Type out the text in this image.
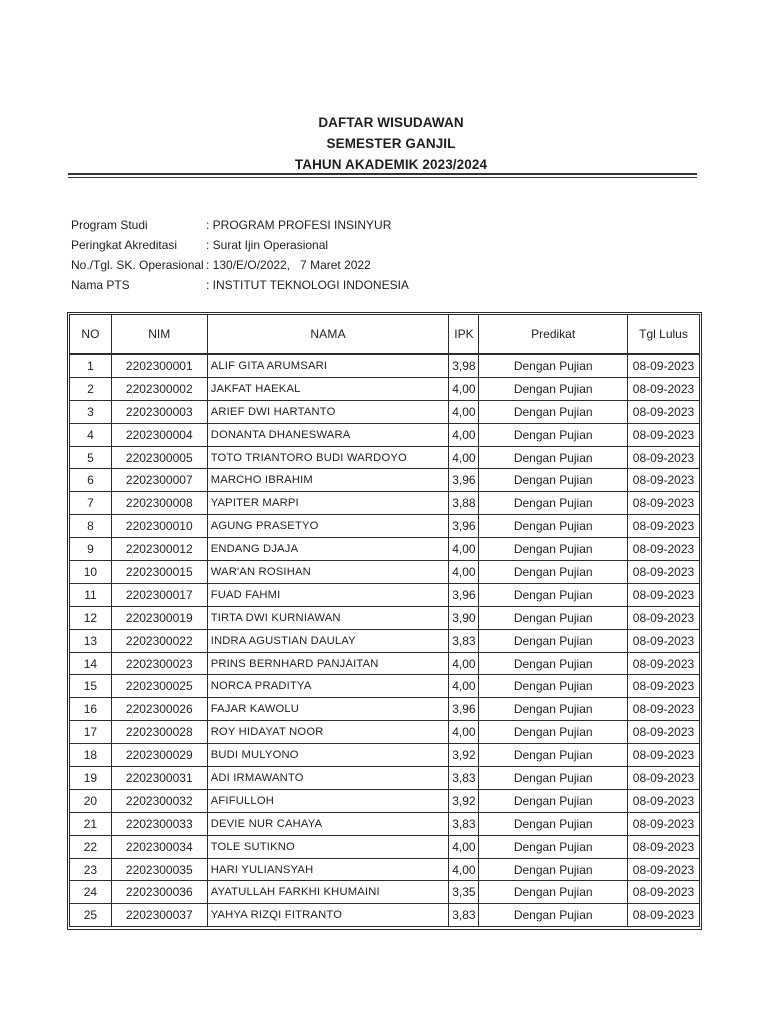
DAFTAR WISUDAWAN
SEMESTER GANJIL
TAHUN AKADEMIK 2023/2024
Program Studi	: PROGRAM PROFESI INSINYUR
Peringkat Akreditasi	: Surat Ijin Operasional
No./Tgl. SK. Operasional : 130/E/O/2022,   7 Maret 2022
Nama PTS	: INSTITUT TEKNOLOGI INDONESIA
NO	NIM	NAMA	IPK	Predikat	Tgl Lulus
1	2202300001	ALIF GITA ARUMSARI	3,98	Dengan Pujian	08-09-2023
2	2202300002	JAKFAT HAEKAL	4,00	Dengan Pujian	08-09-2023
3	2202300003	ARIEF DWI HARTANTO	4,00	Dengan Pujian	08-09-2023
4	2202300004	DONANTA DHANESWARA	4,00	Dengan Pujian	08-09-2023
5	2202300005	TOTO TRIANTORO BUDI WARDOYO	4,00	Dengan Pujian	08-09-2023
6	2202300007	MARCHO IBRAHIM	3,96	Dengan Pujian	08-09-2023
7	2202300008	YAPITER MARPI	3,88	Dengan Pujian	08-09-2023
8	2202300010	AGUNG PRASETYO	3,96	Dengan Pujian	08-09-2023
9	2202300012	ENDANG DJAJA	4,00	Dengan Pujian	08-09-2023
10	2202300015	WAR'AN ROSIHAN	4,00	Dengan Pujian	08-09-2023
11	2202300017	FUAD FAHMI	3,96	Dengan Pujian	08-09-2023
12	2202300019	TIRTA DWI KURNIAWAN	3,90	Dengan Pujian	08-09-2023
13	2202300022	INDRA AGUSTIAN DAULAY	3,83	Dengan Pujian	08-09-2023
14	2202300023	PRINS BERNHARD PANJAITAN	4,00	Dengan Pujian	08-09-2023
15	2202300025	NORCA PRADITYA	4,00	Dengan Pujian	08-09-2023
16	2202300026	FAJAR KAWOLU	3,96	Dengan Pujian	08-09-2023
17	2202300028	ROY HIDAYAT NOOR	4,00	Dengan Pujian	08-09-2023
18	2202300029	BUDI MULYONO	3,92	Dengan Pujian	08-09-2023
19	2202300031	ADI IRMAWANTO	3,83	Dengan Pujian	08-09-2023
20	2202300032	AFIFULLOH	3,92	Dengan Pujian	08-09-2023
21	2202300033	DEVIE NUR CAHAYA	3,83	Dengan Pujian	08-09-2023
22	2202300034	TOLE SUTIKNO	4,00	Dengan Pujian	08-09-2023
23	2202300035	HARI YULIANSYAH	4,00	Dengan Pujian	08-09-2023
24	2202300036	AYATULLAH FARKHI KHUMAINI	3,35	Dengan Pujian	08-09-2023
25	2202300037	YAHYA RIZQI FITRANTO	3,83	Dengan Pujian	08-09-2023
